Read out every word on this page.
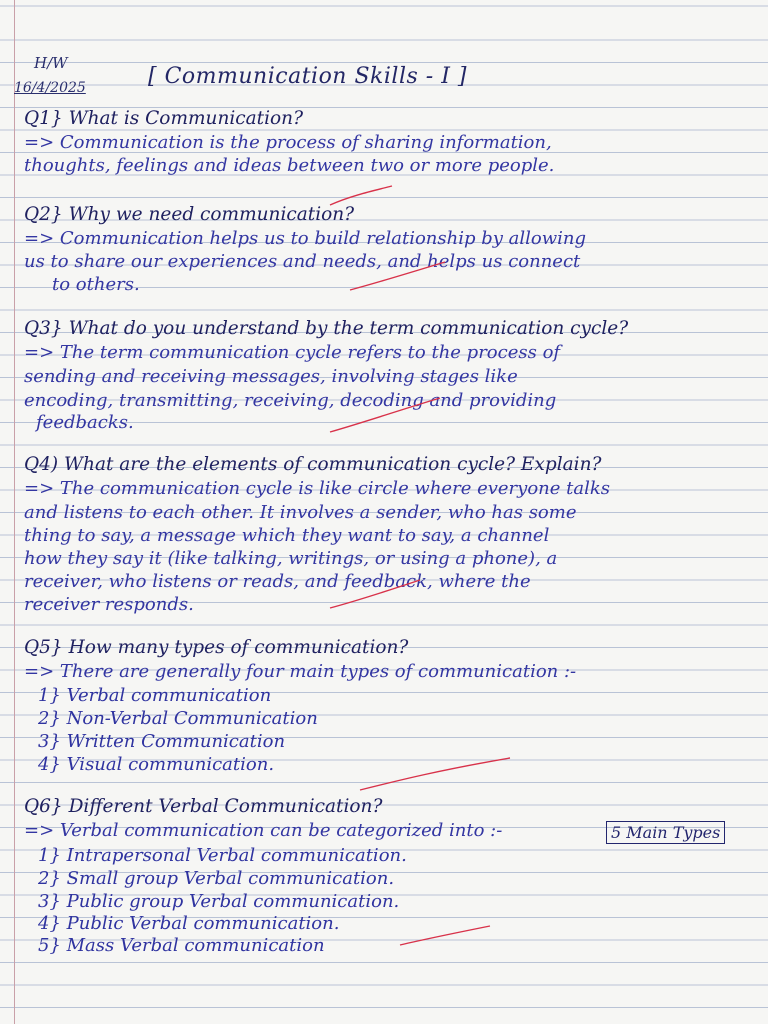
H/W
16/4/2025	[ Communication Skills - I ]
Q1} What is Communication?
=> Communication is the process of sharing information,
thoughts, feelings and ideas between two or more people.
Q2} Why we need communication?
=> Communication helps us to build relationship by allowing
us to share our experiences and needs, and helps us connect
to others.
Q3} What do you understand by the term communication cycle?
=> The term communication cycle refers to the process of
sending and receiving messages, involving stages like
encoding, transmitting, receiving, decoding and providing
feedbacks.
Q4) What are the elements of communication cycle? Explain?
=> The communication cycle is like circle where everyone talks
and listens to each other. It involves a sender, who has some
thing to say, a message which they want to say, a channel
how they say it (like talking, writings, or using a phone), a
receiver, who listens or reads, and feedback, where the
receiver responds.
Q5} How many types of communication?
=> There are generally four main types of communication :-
1} Verbal communication
2} Non-Verbal Communication
3} Written Communication
4} Visual communication.
Q6} Different Verbal Communication?
=> Verbal communication can be categorized into :-	5 Main Types
1} Intrapersonal Verbal communication.
2} Small group Verbal communication.
3} Public group Verbal communication.
4} Public Verbal communication.
5} Mass Verbal communication
